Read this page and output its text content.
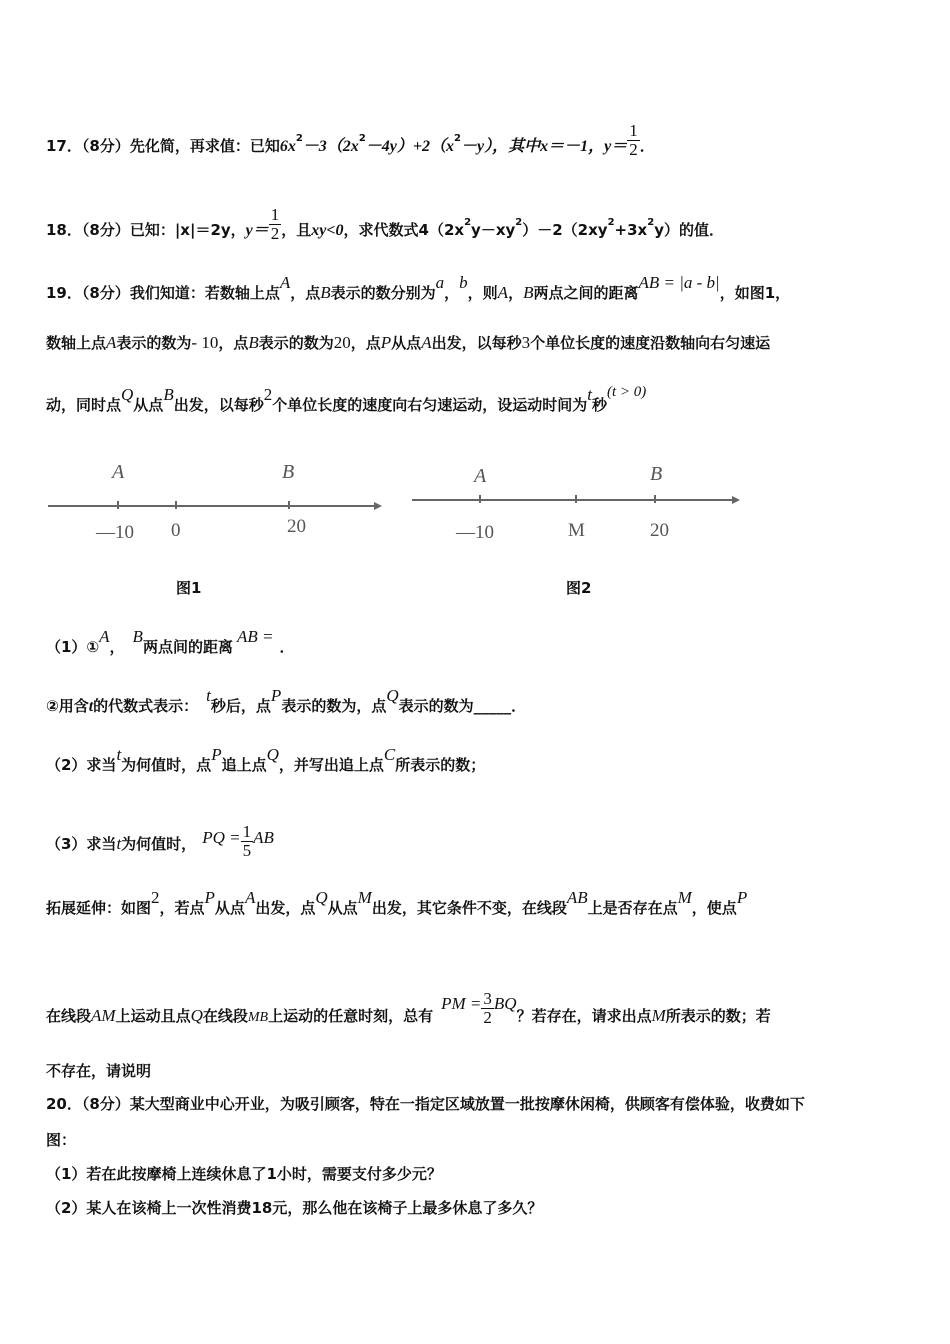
17．（8分）先化简，再求值：已知$6x^2-3(2x^2-4y)+2(x^2-y)$，其中x＝－1，$y= \frac{1}{2}$ ．
18．（8分）已知：|x|＝2y，$y= \frac{1}{2}$ ，且xy<0，求代数式$4(2x^2y-xy^2)-2(2xy^2+3x^2y)$的值．
19．（8分）我们知道：若数轴上点A，点B表示的数分别为a，b，则A，B两点之间的距离AB = |a - b|，如图1，
数轴上点A表示的数为- 10，点B表示的数为20，点P从点A出发，以每秒3个单位长度的速度沿数轴向右匀速运
动，同时点Q从点B出发，以每秒2个单位长度的速度向右匀速运动，设运动时间为t秒(t > 0)
A	B
—10 0	20
图1
A	B
—10	M	20
图2
（1）①A，B两点间的距离AB =．
②用含t的代数式表示：t秒后，点P表示的数为，点Q表示的数为_____．
（2）求当t为何值时，点P追上点Q，并写出追上点C所表示的数；
（3）求当t为何值时， PQ = $\frac{1}{5}$ AB
拓展延伸：如图2，若点P从点A出发，点Q从点M出发，其它条件不变，在线段AB上是否存在点M，使点P
在线段AM上运动且点Q在线段MB上运动的任意时刻，总有PM = $\frac{3}{2}$ BQ？若存在，请求出点M所表示的数；若
不存在，请说明
20．（8分）某大型商业中心开业，为吸引顾客，特在一指定区域放置一批按摩休闲椅，供顾客有偿体验，收费如下
图：
（1）若在此按摩椅上连续休息了1小时，需要支付多少元？
（2）某人在该椅上一次性消费18元，那么他在该椅子上最多休息了多久？
